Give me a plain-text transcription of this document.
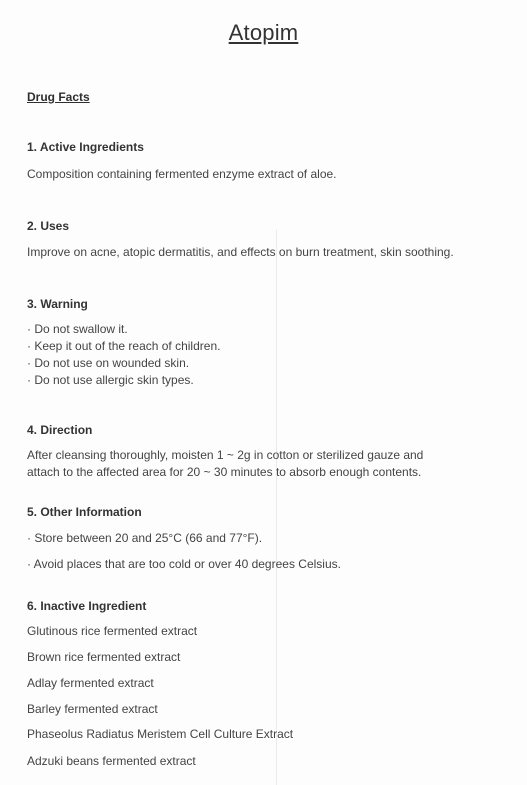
Atopim
Drug Facts
1. Active Ingredients
Composition containing fermented enzyme extract of aloe.
2. Uses
Improve on acne, atopic dermatitis, and effects on burn treatment, skin soothing.
3. Warning
· Do not swallow it.
· Keep it out of the reach of children.
· Do not use on wounded skin.
· Do not use allergic skin types.
4. Direction
After cleansing thoroughly, moisten 1 ~ 2g in cotton or sterilized gauze and
attach to the affected area for 20 ~ 30 minutes to absorb enough contents.
5. Other Information
· Store between 20 and 25°C (66 and 77°F).
· Avoid places that are too cold or over 40 degrees Celsius.
6. Inactive Ingredient
Glutinous rice fermented extract
Brown rice fermented extract
Adlay fermented extract
Barley fermented extract
Phaseolus Radiatus Meristem Cell Culture Extract
Adzuki beans fermented extract
